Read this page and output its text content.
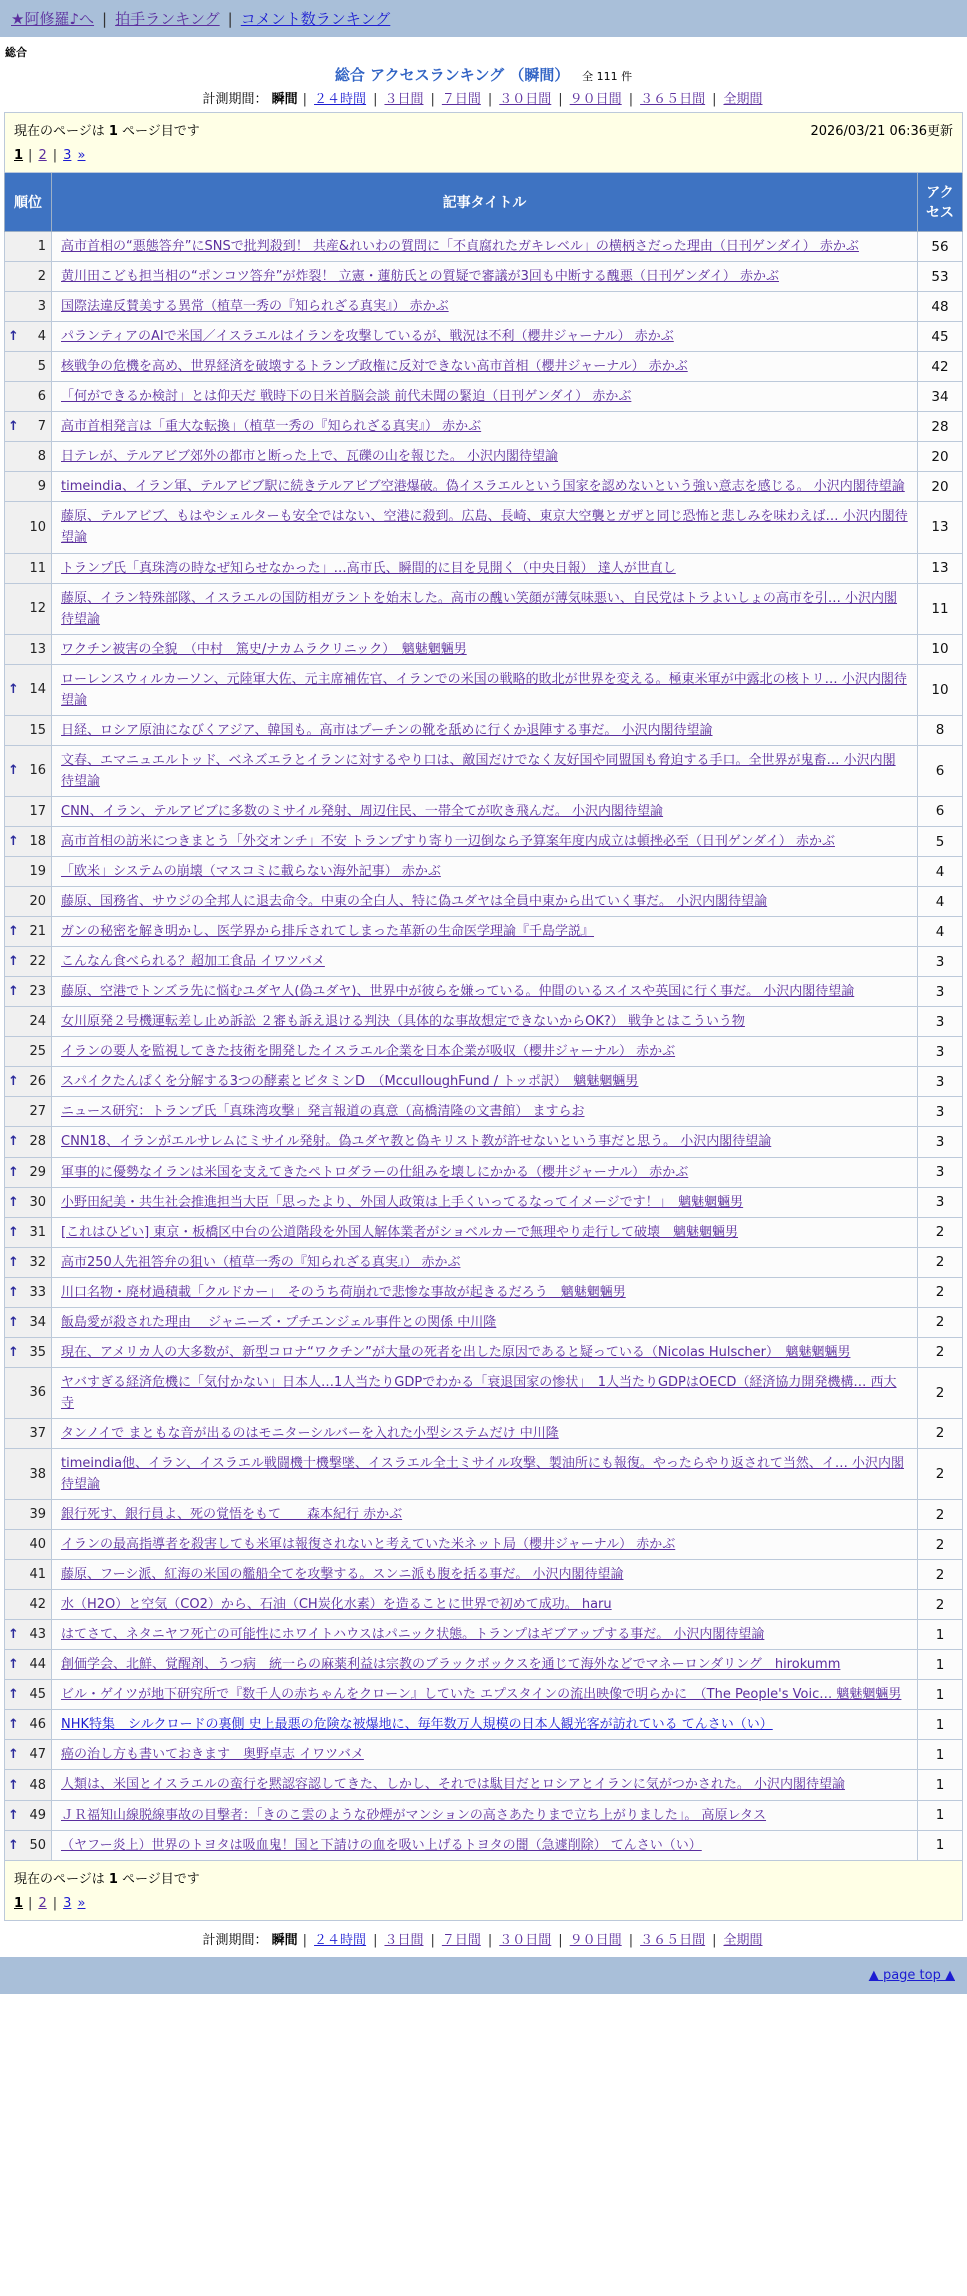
★阿修羅♪へ | 拍手ランキング | コメント数ランキング
総合
総合 アクセスランキング （瞬間） 全 111 件
計測期間： 瞬間 | ２４時間 | ３日間 | ７日間 | ３０日間 | ９０日間 | ３６５日間 | 全期間
現在のページは 1 ページ目です 2026/03/21 06:36更新
1 | 2 | 3 »		

順位	記事タイトル	アクセス

1	高市首相の“悪態答弁”にSNSで批判殺到！ 共産&れいわの質問に「不貞腐れたガキレベル」の横柄さだった理由（日刊ゲンダイ） 赤かぶ	56

2	黄川田こども担当相の“ポンコツ答弁”が炸裂！ 立憲・蓮舫氏との質疑で審議が3回も中断する醜悪（日刊ゲンダイ） 赤かぶ	53

3	国際法違反賛美する異常（植草一秀の『知られざる真実』） 赤かぶ	48

↑ 4	パランティアのAIで米国／イスラエルはイランを攻撃しているが、戦況は不利（櫻井ジャーナル） 赤かぶ	45

5	核戦争の危機を高め、世界経済を破壊するトランプ政権に反対できない高市首相（櫻井ジャーナル） 赤かぶ	42

6	「何ができるか検討」とは仰天だ 戦時下の日米首脳会談 前代未聞の緊迫（日刊ゲンダイ） 赤かぶ	34

↑ 7	高市首相発言は「重大な転換」（植草一秀の『知られざる真実』） 赤かぶ	28

8	日テレが、テルアビブ郊外の都市と断った上で、瓦礫の山を報じた。 小沢内閣待望論	20

9	timeindia、イラン軍、テルアビブ駅に続きテルアビブ空港爆破。偽イスラエルという国家を認めないという強い意志を感じる。 小沢内閣待望論	20

10	藤原、テルアビブ、もはやシェルターも安全ではない、空港に殺到。広島、長崎、東京大空襲とガザと同じ恐怖と悲しみを味わえば… 小沢内閣待望論	13

11	トランプ氏「真珠湾の時なぜ知らせなかった」…高市氏、瞬間的に目を見開く（中央日報） 達人が世直し	13

12	藤原、イラン特殊部隊、イスラエルの国防相ガラントを始末した。高市の醜い笑顔が薄気味悪い、自民党はトラよいしょの高市を引… 小沢内閣待望論	11

13	ワクチン被害の全貌　（中村　篤史/ナカムラクリニック）　魑魅魍魎男	10

↑ 14	ローレンスウィルカーソン、元陸軍大佐、元主席補佐官、イランでの米国の戦略的敗北が世界を変える。極東米軍が中露北の核トリ… 小沢内閣待望論	10

15	日経、ロシア原油になびくアジア、韓国も。高市はプーチンの靴を舐めに行くか退陣する事だ。 小沢内閣待望論	8

↑ 16	文春、エマニュエルトッド、ベネズエラとイランに対するやり口は、敵国だけでなく友好国や同盟国も脅迫する手口。全世界が鬼畜… 小沢内閣待望論	6

17	CNN、イラン、テルアビブに多数のミサイル発射、周辺住民、一帯全てが吹き飛んだ。 小沢内閣待望論	6

↑ 18	高市首相の訪米につきまとう「外交オンチ」不安 トランプすり寄り一辺倒なら予算案年度内成立は頓挫必至（日刊ゲンダイ） 赤かぶ	5

19	「欧米」システムの崩壊（マスコミに載らない海外記事） 赤かぶ	4

20	藤原、国務省、サウジの全邦人に退去命令。中東の全白人、特に偽ユダヤは全員中東から出ていく事だ。 小沢内閣待望論	4

↑ 21	ガンの秘密を解き明かし、医学界から排斥されてしまった革新の生命医学理論『千島学説』	4

↑ 22	こんなん食べられる？超加工食品 イワツバメ	3

↑ 23	藤原、空港でトンズラ先に悩むユダヤ人(偽ユダヤ)、世界中が彼らを嫌っている。仲間のいるスイスや英国に行く事だ。 小沢内閣待望論	3

24	女川原発２号機運転差し止め訴訟 ２審も訴え退ける判決（具体的な事故想定できないからOK?） 戦争とはこういう物	3

25	イランの要人を監視してきた技術を開発したイスラエル企業を日本企業が吸収（櫻井ジャーナル） 赤かぶ	3

↑ 26	スパイクたんぱくを分解する3つの酵素とビタミンD　（McculloughFund / トッポ訳）　魑魅魍魎男	3

27	ニュース研究：トランプ氏「真珠湾攻撃」発言報道の真意（高橋清隆の文書館） ますらお	3

↑ 28	CNN18、イランがエルサレムにミサイル発射。偽ユダヤ教と偽キリスト教が許せないという事だと思う。 小沢内閣待望論	3

↑ 29	軍事的に優勢なイランは米国を支えてきたペトロダラーの仕組みを壊しにかかる（櫻井ジャーナル） 赤かぶ	3

↑ 30	小野田紀美・共生社会推進担当大臣「思ったより、外国人政策は上手くいってるなってイメージです！」　魑魅魍魎男	3

↑ 31	[これはひどい] 東京・板橋区中台の公道階段を外国人解体業者がショベルカーで無理やり走行して破壊　魑魅魍魎男	2

↑ 32	高市250人先祖答弁の狙い（植草一秀の『知られざる真実』） 赤かぶ	2

↑ 33	川口名物・廃材過積載「クルドカー」　そのうち荷崩れで悲惨な事故が起きるだろう　魑魅魍魎男	2

↑ 34	飯島愛が殺された理由 ＿ジャニーズ・プチエンジェル事件との関係 中川隆	2

↑ 35	現在、アメリカ人の大多数が、新型コロナ“ワクチン”が大量の死者を出した原因であると疑っている（Nicolas Hulscher）　魑魅魍魎男	2

36	ヤバすぎる経済危機に「気付かない」日本人…1人当たりGDPでわかる「衰退国家の惨状」　1人当たりGDPはOECD（経済協力開発機構… 西大寺	2

37	タンノイで まともな音が出るのはモニターシルバーを入れた小型システムだけ 中川隆	2

38	timeindia他、イラン、イスラエル戦闘機十機撃墜、イスラエル全土ミサイル攻撃、製油所にも報復。やったらやり返されて当然、イ… 小沢内閣待望論	2

39	銀行死す、銀行員よ、死の覚悟をもて　　森本紀行 赤かぶ	2

40	イランの最高指導者を殺害しても米軍は報復されないと考えていた米ネット局（櫻井ジャーナル） 赤かぶ	2

41	藤原、フーシ派、紅海の米国の艦船全てを攻撃する。スンニ派も腹を括る事だ。 小沢内閣待望論	2

42	水（H2O）と空気（CO2）から、石油（CH炭化水素）を造ることに世界で初めて成功。 haru	2

↑ 43	はてさて、ネタニヤフ死亡の可能性にホワイトハウスはパニック状態。トランプはギブアップする事だ。 小沢内閣待望論	1

↑ 44	創価学会、北鮮、覚醒剤、うつ病　統一らの麻薬利益は宗教のブラックボックスを通じて海外などでマネーロンダリング　hirokumm	1

↑ 45	ビル・ゲイツが地下研究所で『数千人の赤ちゃんをクローン』していた エプスタインの流出映像で明らかに　（The People's Voic… 魑魅魍魎男	1

↑ 46	NHK特集　シルクロードの裏側 史上最悪の危険な被爆地に、毎年数万人規模の日本人観光客が訪れている てんさい（い）	1

↑ 47	癌の治し方も書いておきます　奥野卓志 イワツバメ	1

↑ 48	人類は、米国とイスラエルの蛮行を黙認容認してきた、しかし、それでは駄目だとロシアとイランに気がつかされた。 小沢内閣待望論	1

↑ 49	ＪＲ福知山線脱線事故の目撃者：「きのこ雲のような砂煙がマンションの高さあたりまで立ち上がりました」。 高原レタス	1

↑ 50	（ヤフー炎上）世界のトヨタは吸血鬼！国と下請けの血を吸い上げるトヨタの闇（急遽削除） てんさい（い）	1

現在のページは 1 ページ目です
1 | 2 | 3 »		
計測期間： 瞬間 | ２４時間 | ３日間 | ７日間 | ３０日間 | ９０日間 | ３６５日間 | 全期間
▲ page top ▲
